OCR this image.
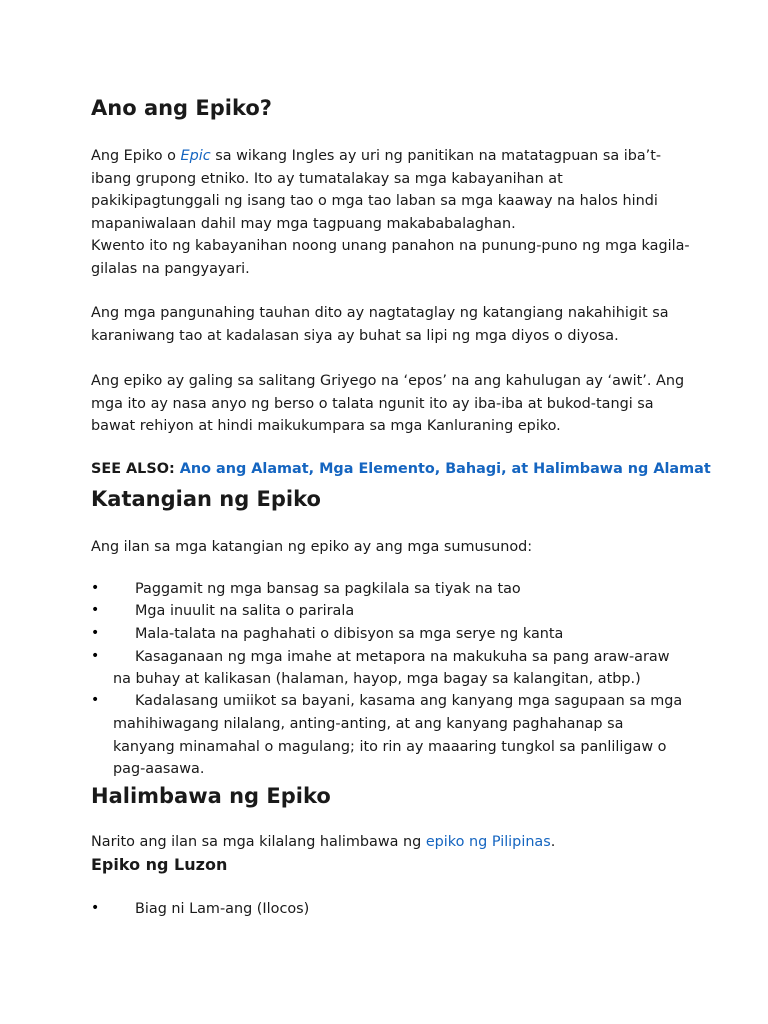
Ano ang Epiko?
Ang Epiko o Epic sa wikang Ingles ay uri ng panitikan na matatagpuan sa iba’t-ibang grupong etniko. Ito ay tumatalakay sa mga kabayanihan at pakikipagtunggali ng isang tao o mga tao laban sa mga kaaway na halos hindi mapaniwalaan dahil may mga tagpuang makababalaghan.
Kwento ito ng kabayanihan noong unang panahon na punung-puno ng mga kagila-gilalas na pangyayari.
Ang mga pangunahing tauhan dito ay nagtataglay ng katangiang nakahihigit sa karaniwang tao at kadalasan siya ay buhat sa lipi ng mga diyos o diyosa.
Ang epiko ay galing sa salitang Griyego na ‘epos’ na ang kahulugan ay ‘awit’. Ang mga ito ay nasa anyo ng berso o talata ngunit ito ay iba-iba at bukod-tangi sa bawat rehiyon at hindi maikukumpara sa mga Kanluraning epiko.
SEE ALSO: Ano ang Alamat, Mga Elemento, Bahagi, at Halimbawa ng Alamat
Katangian ng Epiko
Ang ilan sa mga katangian ng epiko ay ang mga sumusunod:
• Paggamit ng mga bansag sa pagkilala sa tiyak na tao
• Mga inuulit na salita o parirala
• Mala-talata na paghahati o dibisyon sa mga serye ng kanta
• Kasaganaan ng mga imahe at metapora na makukuha sa pang araw-araw
na buhay at kalikasan (halaman, hayop, mga bagay sa kalangitan, atbp.)
• Kadalasang umiikot sa bayani, kasama ang kanyang mga sagupaan sa mga
mahihiwagang nilalang, anting-anting, at ang kanyang paghahanap sa
kanyang minamahal o magulang; ito rin ay maaaring tungkol sa panliligaw o
pag-aasawa.
Halimbawa ng Epiko
Narito ang ilan sa mga kilalang halimbawa ng epiko ng Pilipinas.
Epiko ng Luzon
• Biag ni Lam-ang (Ilocos)
